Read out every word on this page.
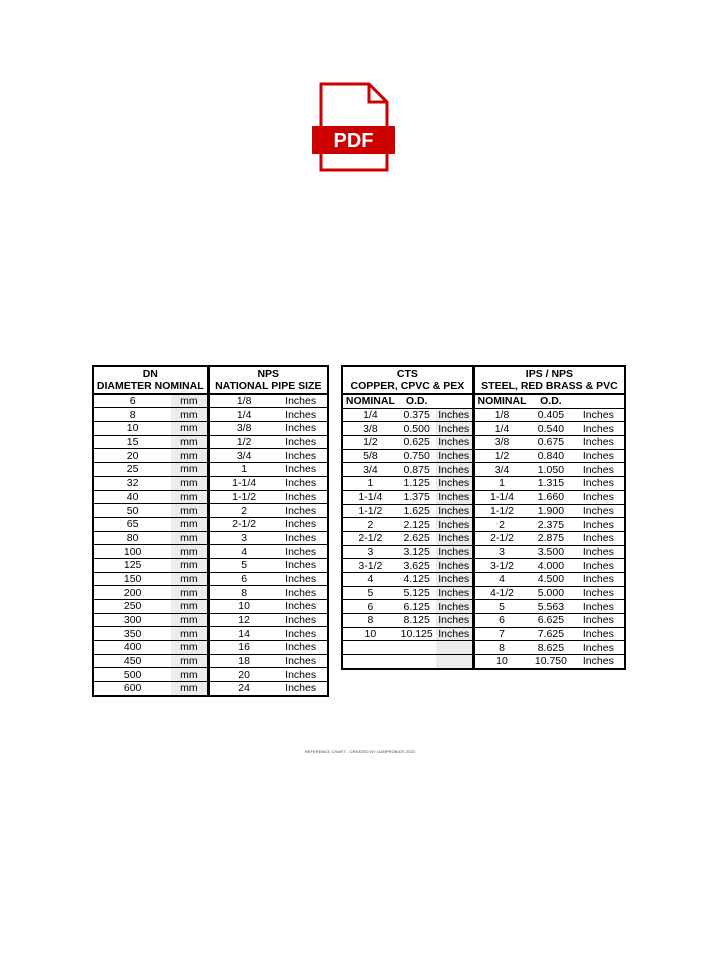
PDF
DN		NPS		
DIAMETER NOMINAL		NATIONAL PIPE SIZE		
6	mm		1/8	Inches
8	mm		1/4	Inches
10	mm		3/8	Inches
15	mm		1/2	Inches
20	mm		3/4	Inches
25	mm		1	Inches
32	mm		1-1/4	Inches
40	mm		1-1/2	Inches
50	mm		2	Inches
65	mm		2-1/2	Inches
80	mm		3	Inches
100	mm		4	Inches
125	mm		5	Inches
150	mm		6	Inches
200	mm		8	Inches
250	mm		10	Inches
300	mm		12	Inches
350	mm		14	Inches
400	mm		16	Inches
450	mm		18	Inches
500	mm		20	Inches
600	mm		24	Inches
CTS			IPS / NPS		
COPPER, CPVC & PEX			STEEL, RED BRASS & PVC		
NOMINAL	O.D.		NOMINAL	O.D.	
1/4	0.375	Inches	1/8	0.405	Inches
3/8	0.500	Inches	1/4	0.540	Inches
1/2	0.625	Inches	3/8	0.675	Inches
5/8	0.750	Inches	1/2	0.840	Inches
3/4	0.875	Inches	3/4	1.050	Inches
1	1.125	Inches	1	1.315	Inches
1-1/4	1.375	Inches	1-1/4	1.660	Inches
1-1/2	1.625	Inches	1-1/2	1.900	Inches
2	2.125	Inches	2	2.375	Inches
2-1/2	2.625	Inches	2-1/2	2.875	Inches
3	3.125	Inches	3	3.500	Inches
3-1/2	3.625	Inches	3-1/2	4.000	Inches
4	4.125	Inches	4	4.500	Inches
5	5.125	Inches	4-1/2	5.000	Inches
6	6.125	Inches	5	5.563	Inches
8	8.125	Inches	6	6.625	Inches
10	10.125	Inches	7	7.625	Inches
			8	8.625	Inches
			10	10.750	Inches
REFERENCE CHART - CREATED BY GANPROBIOS 2022
